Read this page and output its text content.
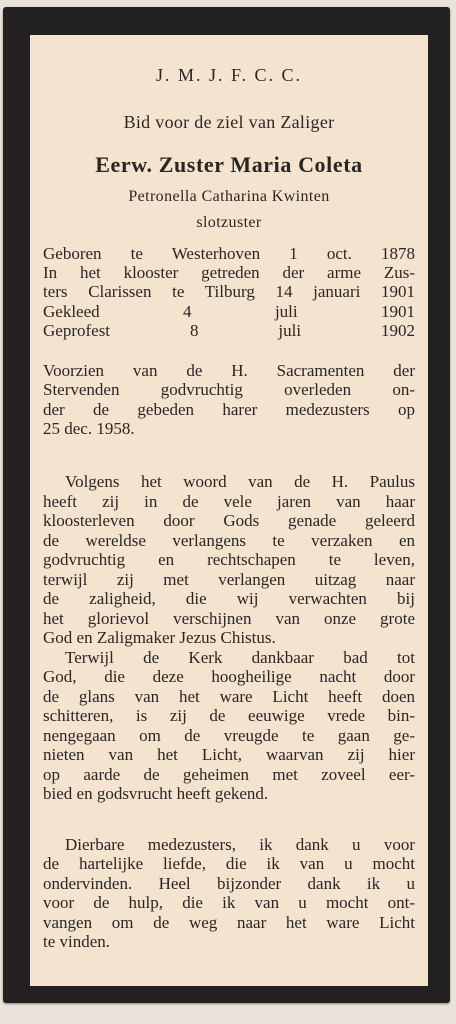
J. M. J. F. C. C.

Bid voor de ziel van Zaliger

Eerw. Zuster Maria Coleta

Petronella Catharina Kwinten

slotzuster

Geboren te Westerhoven 1 oct. 1878

In het klooster getreden der arme Zus-

ters Clarissen te Tilburg 14 januari 1901

Gekleed	4 juli 1901

Geprofest	8 juli 1902

Voorzien van de H. Sacramenten der

Stervenden godvruchtig overleden on-

der de gebeden harer medezusters op

25 dec. 1958.

Volgens het woord van de H. Paulus

heeft zij in de vele jaren van haar

kloosterleven door Gods genade geleerd

de wereldse verlangens te verzaken en

godvruchtig en rechtschapen te leven,

terwijl zij met verlangen uitzag naar

de zaligheid, die wij verwachten bij

het glorievol verschijnen van onze grote

God en Zaligmaker Jezus Chistus.

Terwijl de Kerk dankbaar bad tot

God, die deze hoogheilige nacht door

de glans van het ware Licht heeft doen

schitteren, is zij de eeuwige vrede bin-

nengegaan om de vreugde te gaan ge-

nieten van het Licht, waarvan zij hier

op aarde de geheimen met zoveel eer-

bied en godsvrucht heeft gekend.

Dierbare medezusters, ik dank u voor

de hartelijke liefde, die ik van u mocht

ondervinden. Heel bijzonder dank ik u

voor de hulp, die ik van u mocht ont-

vangen om de weg naar het ware Licht

te vinden.
